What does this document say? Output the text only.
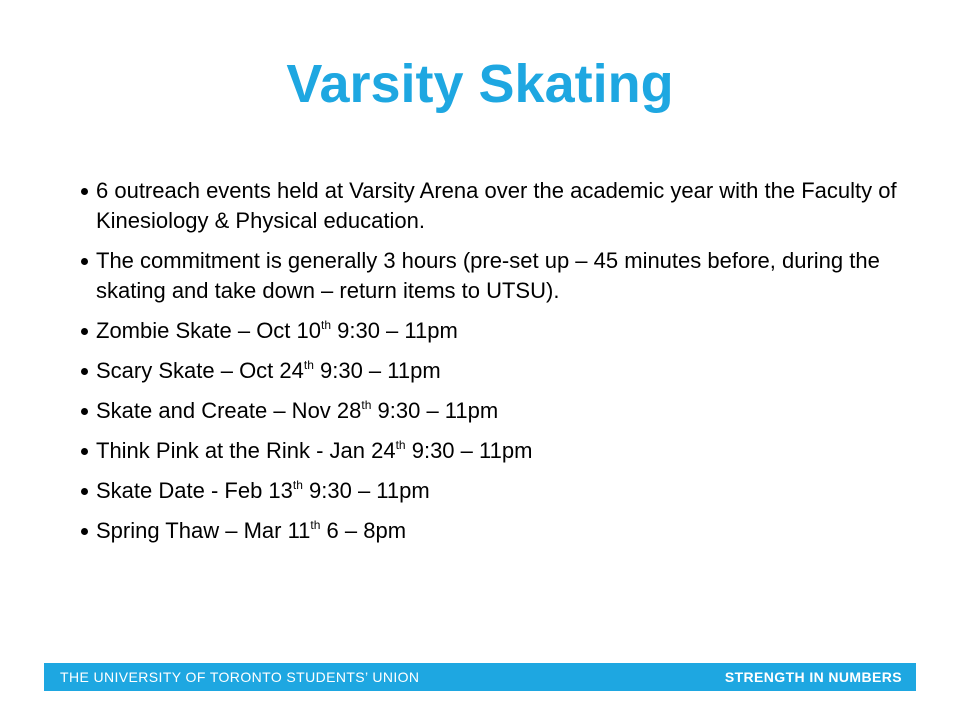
Varsity Skating
6 outreach events held at Varsity Arena over the academic year with the Faculty of Kinesiology & Physical education.
The commitment is generally 3 hours (pre-set up – 45 minutes before, during the skating and take down – return items to UTSU).
Zombie Skate – Oct 10th 9:30 – 11pm
Scary Skate – Oct 24th 9:30 – 11pm
Skate and Create – Nov 28th 9:30 – 11pm
Think Pink at the Rink - Jan 24th 9:30 – 11pm
Skate Date - Feb 13th 9:30 – 11pm
Spring Thaw – Mar 11th 6 – 8pm
THE UNIVERSITY OF TORONTO STUDENTS’ UNION	STRENGTH IN NUMBERS
